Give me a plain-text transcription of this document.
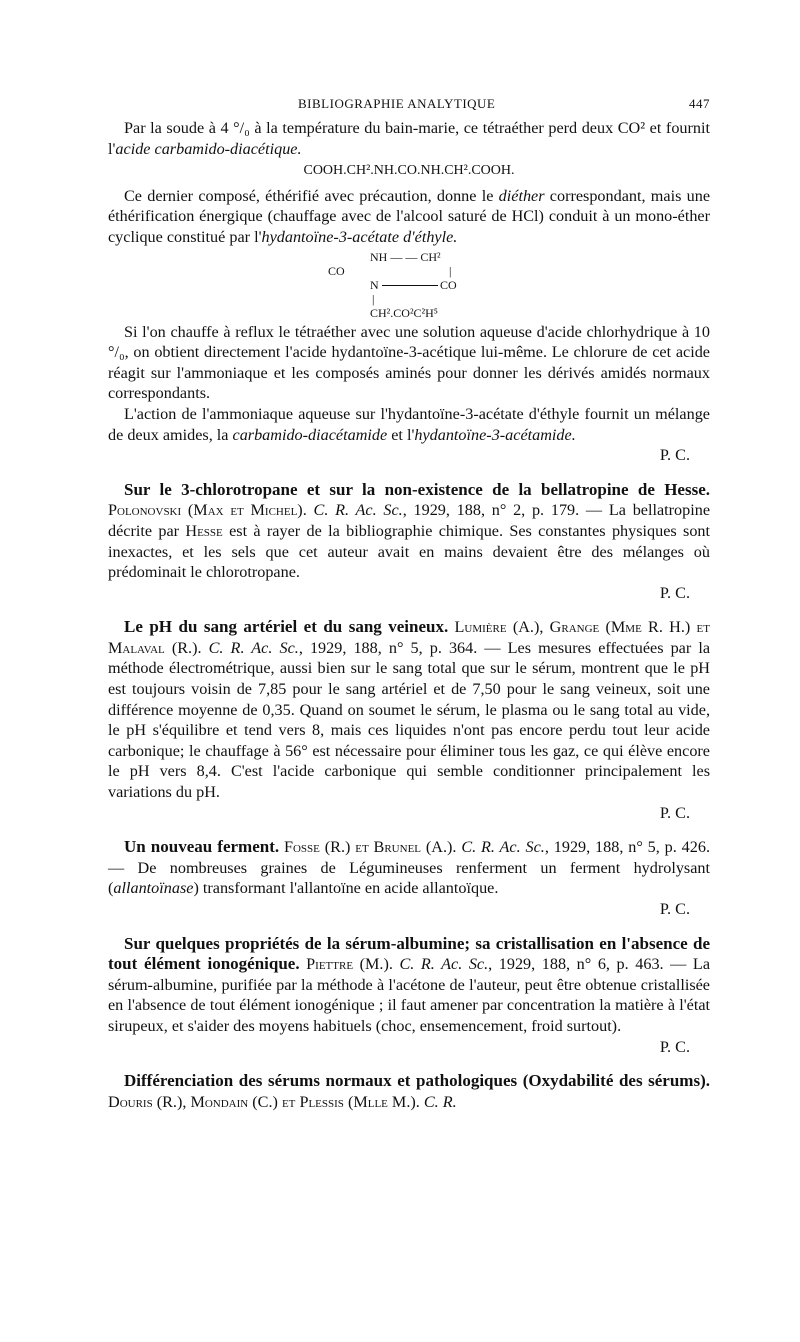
BIBLIOGRAPHIE ANALYTIQUE	447

Par la soude à 4 °/₀ à la température du bain-marie, ce tétraéther perd deux CO² et fournit l'acide carbamido-diacétique.

COOH.CH².NH.CO.NH.CH².COOH.

Ce dernier composé, éthérifié avec précaution, donne le diéther correspondant, mais une éthérification énergique (chauffage avec de l'alcool saturé de HCl) conduit à un mono-éther cyclique constitué par l'hydantoïne-3-acétate d'éthyle.

NH — — CH²
CO
N	CO
|
|
CH².CO²C²H⁵

Si l'on chauffe à reflux le tétraéther avec une solution aqueuse d'acide chlorhydrique à 10 °/₀, on obtient directement l'acide hydantoïne-3-acétique lui-même. Le chlorure de cet acide réagit sur l'ammoniaque et les composés aminés pour donner les dérivés amidés normaux correspondants.

L'action de l'ammoniaque aqueuse sur l'hydantoïne-3-acétate d'éthyle fournit un mélange de deux amides, la carbamido-diacétamide et l'hydantoïne-3-acétamide.
P. C.

Sur le 3-chlorotropane et sur la non-existence de la bellatropine de Hesse. Polonovski (Max et Michel). C. R. Ac. Sc., 1929, 188, n° 2, p. 179. — La bellatropine décrite par Hesse est à rayer de la bibliographie chimique. Ses constantes physiques sont inexactes, et les sels que cet auteur avait en mains devaient être des mélanges où prédominait le chlorotropane.
P. C.

Le pH du sang artériel et du sang veineux. Lumière (A.), Grange (Mme R. H.) et Malaval (R.). C. R. Ac. Sc., 1929, 188, n° 5, p. 364. — Les mesures effectuées par la méthode électrométrique, aussi bien sur le sang total que sur le sérum, montrent que le pH est toujours voisin de 7,85 pour le sang artériel et de 7,50 pour le sang veineux, soit une différence moyenne de 0,35. Quand on soumet le sérum, le plasma ou le sang total au vide, le pH s'équilibre et tend vers 8, mais ces liquides n'ont pas encore perdu tout leur acide carbonique; le chauffage à 56° est nécessaire pour éliminer tous les gaz, ce qui élève encore le pH vers 8,4. C'est l'acide carbonique qui semble conditionner principalement les variations du pH.
P. C.

Un nouveau ferment. Fosse (R.) et Brunel (A.). C. R. Ac. Sc., 1929, 188, n° 5, p. 426. — De nombreuses graines de Légumineuses renferment un ferment hydrolysant (allantoïnase) transformant l'allantoïne en acide allantoïque.
P. C.

Sur quelques propriétés de la sérum-albumine; sa cristallisation en l'absence de tout élément ionogénique. Piettre (M.). C. R. Ac. Sc., 1929, 188, n° 6, p. 463. — La sérum-albumine, purifiée par la méthode à l'acétone de l'auteur, peut être obtenue cristallisée en l'absence de tout élément ionogénique ; il faut amener par concentration la matière à l'état sirupeux, et s'aider des moyens habituels (choc, ensemencement, froid surtout).
P. C.

Différenciation des sérums normaux et pathologiques (Oxydabilité des sérums). Douris (R.), Mondain (C.) et Plessis (Mlle M.). C. R.
